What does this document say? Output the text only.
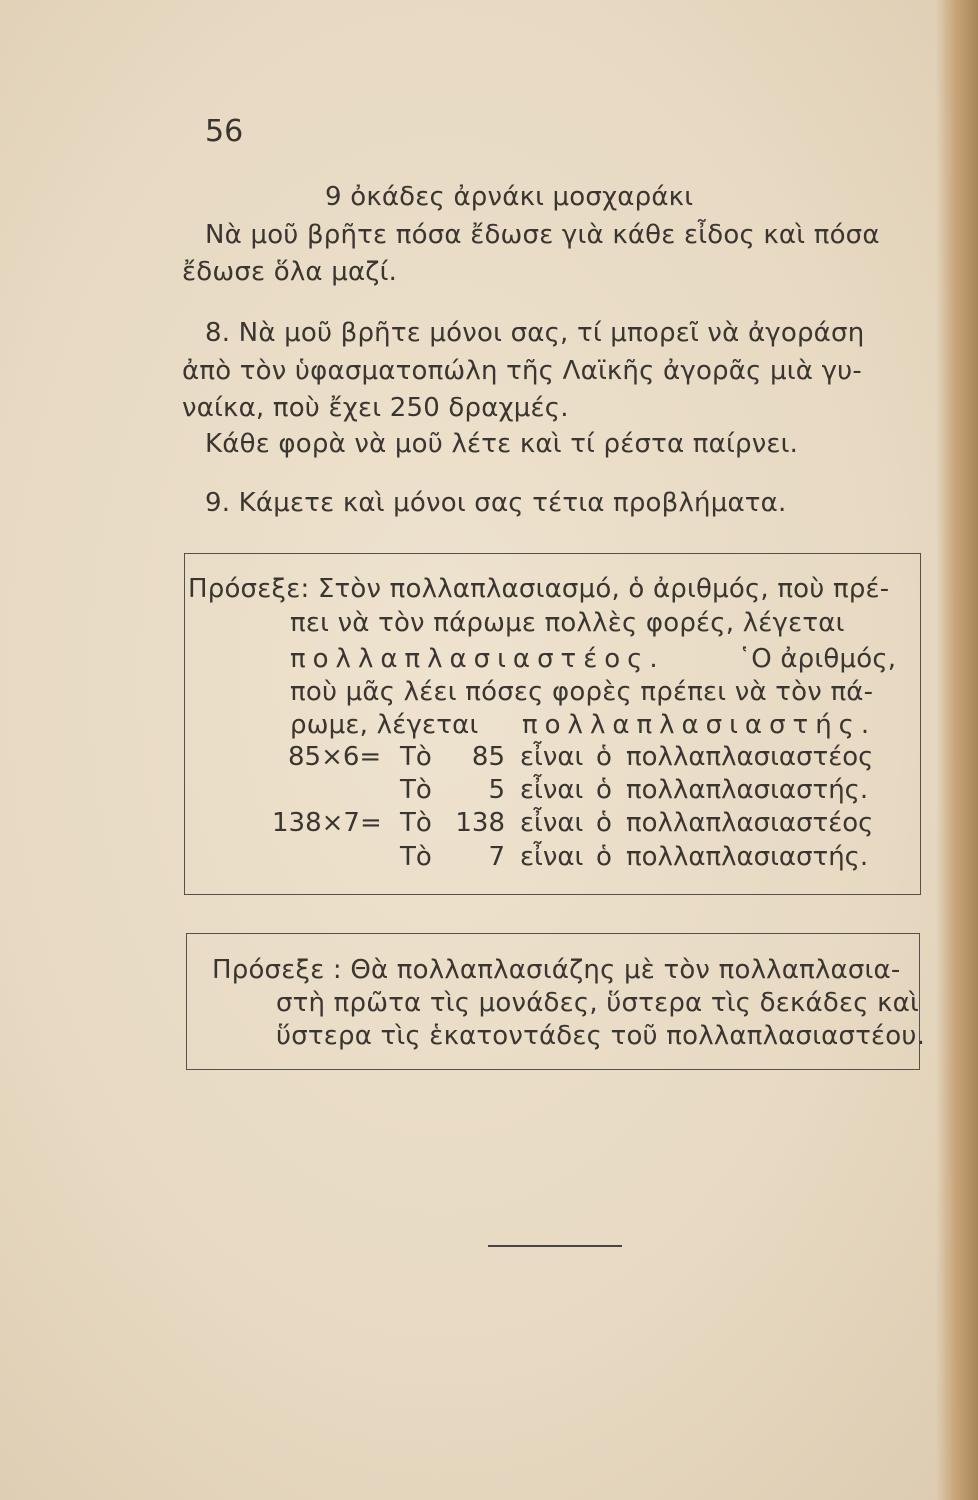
56
9 ὀκάδες ἀρνάκι μοσχαράκι
Νὰ μοῦ βρῆτε πόσα ἔδωσε γιὰ κάθε εἶδος καὶ πόσα
ἔδωσε ὅλα μαζί.
8. Νὰ μοῦ βρῆτε μόνοι σας, τί μπορεῖ νὰ ἀγοράση
ἀπὸ τὸν ὑφασματοπώλη τῆς Λαϊκῆς ἀγορᾶς μιὰ γυ-
ναίκα, ποὺ ἔχει 250 δραχμές.
Κάθε φορὰ νὰ μοῦ λέτε καὶ τί ρέστα παίρνει.
9. Κάμετε καὶ μόνοι σας τέτια προβλήματα.
Πρόσεξε: Στὸν πολλαπλασιασμό, ὁ ἀριθμός, ποὺ πρέ-
πει νὰ τὸν πάρωμε πολλὲς φορές, λέγεται
πολλαπλασιαστέος.	῾Ο ἀριθμός,
ποὺ μᾶς λέει πόσες φορὲς πρέπει νὰ τὸν πά-
ρωμε, λέγεται πολλαπλασιαστής.
85×6= Τὸ	85 εἶναι ὁ πολλαπλασιαστέος
Τὸ	5 εἶναι ὁ πολλαπλασιαστής.
138×7= Τὸ 138 εἶναι ὁ πολλαπλασιαστέος
Τὸ	7 εἶναι ὁ πολλαπλασιαστής.
Πρόσεξε : Θὰ πολλαπλασιάζης μὲ τὸν πολλαπλασια-
στὴ πρῶτα τὶς μονάδες, ὕστερα τὶς δεκάδες καὶ
ὕστερα τὶς ἑκατοντάδες τοῦ πολλαπλασιαστέου.
